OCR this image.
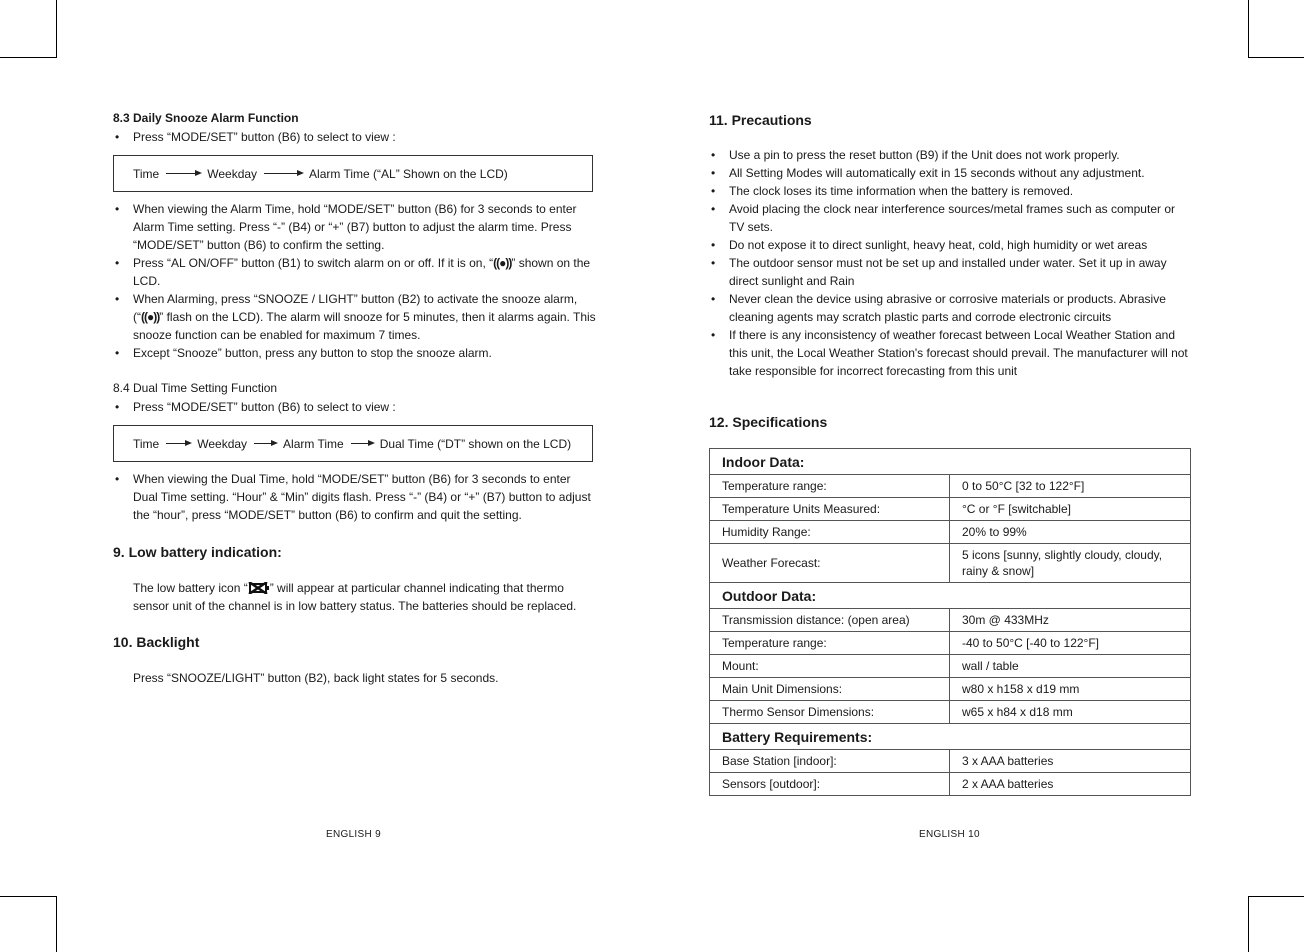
8.3 Daily Snooze Alarm Function
• Press “MODE/SET” button (B6) to select to view :
Time	Weekday	Alarm Time (“AL” Shown on the LCD)
• When viewing the Alarm Time, hold “MODE/SET” button (B6) for 3 seconds to enter Alarm Time setting. Press “-” (B4) or “+” (B7) button to adjust the alarm time. Press “MODE/SET” button (B6) to confirm the setting.
• Press “AL ON/OFF” button (B1) to switch alarm on or off. If it is on, “((●))” shown on the LCD.
• When Alarming, press “SNOOZE / LIGHT” button (B2) to activate the snooze alarm, (“((●))” flash on the LCD). The alarm will snooze for 5 minutes, then it alarms again. This snooze function can be enabled for maximum 7 times.
• Except “Snooze” button, press any button to stop the snooze alarm.
8.4 Dual Time Setting Function
• Press “MODE/SET” button (B6) to select to view :
Time	Weekday	Alarm Time	Dual Time (“DT” shown on the LCD)
• When viewing the Dual Time, hold “MODE/SET” button (B6) for 3 seconds to enter Dual Time setting. “Hour” & “Min” digits flash. Press “-” (B4) or “+” (B7) button to adjust the “hour”, press “MODE/SET” button (B6) to confirm and quit the setting.
9. Low battery indication:
The low battery icon “ ” will appear at particular channel indicating that thermo sensor unit of the channel is in low battery status. The batteries should be replaced.
10. Backlight
Press “SNOOZE/LIGHT” button (B2), back light states for 5 seconds.
ENGLISH 9
11. Precautions
• Use a pin to press the reset button (B9) if the Unit does not work properly.
• All Setting Modes will automatically exit in 15 seconds without any adjustment.
• The clock loses its time information when the battery is removed.
• Avoid placing the clock near interference sources/metal frames such as computer or TV sets.
• Do not expose it to direct sunlight, heavy heat, cold, high humidity or wet areas
• The outdoor sensor must not be set up and installed under water. Set it up in away direct sunlight and Rain
• Never clean the device using abrasive or corrosive materials or products. Abrasive cleaning agents may scratch plastic parts and corrode electronic circuits
• If there is any inconsistency of weather forecast between Local Weather Station and this unit, the Local Weather Station's forecast should prevail. The manufacturer will not take responsible for incorrect forecasting from this unit
12. Specifications
Indoor Data:	
Temperature range:	0 to 50°C [32 to 122°F]
Temperature Units Measured:	°C or °F [switchable]
Humidity Range:	20% to 99%
Weather Forecast:	5 icons [sunny, slightly cloudy, cloudy, rainy & snow]
Outdoor Data:	
Transmission distance: (open area)	30m @ 433MHz
Temperature range:	-40 to 50°C [-40 to 122°F]
Mount:	wall / table
Main Unit Dimensions:	w80 x h158 x d19 mm
Thermo Sensor Dimensions:	w65 x h84 x d18 mm
Battery Requirements:	
Base Station [indoor]:	3 x AAA batteries
Sensors [outdoor]:	2 x AAA batteries
ENGLISH 10
